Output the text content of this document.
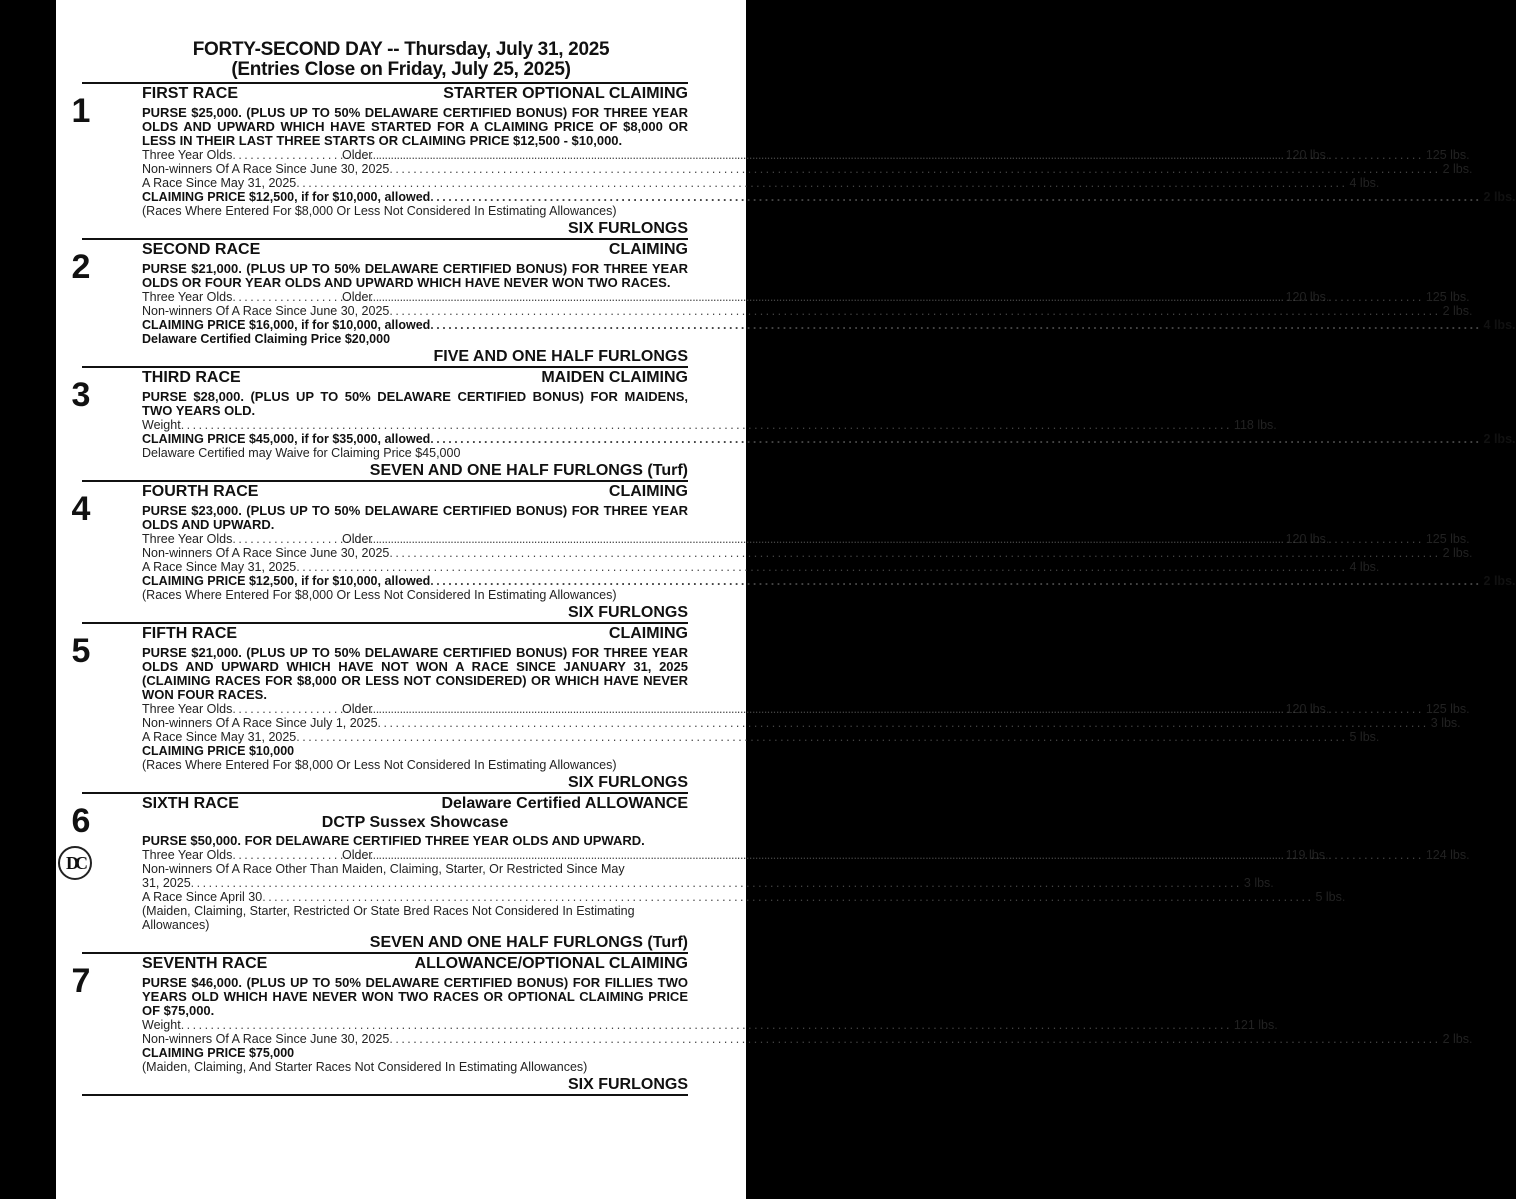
FORTY-SECOND DAY -- Thursday, July 31, 2025
(Entries Close on Friday, July 25, 2025)
1	FIRST RACE	STARTER OPTIONAL CLAIMING
PURSE $25,000. (PLUS UP TO 50% DELAWARE CERTIFIED BONUS) FOR THREE YEAR OLDS AND UPWARD WHICH HAVE STARTED FOR A CLAIMING PRICE OF $8,000 OR LESS IN THEIR LAST THREE STARTS OR CLAIMING PRICE $12,500 - $10,000.
Three Year Olds .....	120 lbs.
Older .....	125 lbs.
Non-winners Of A Race Since June 30, 2025 .....	2 lbs.
A Race Since May 31, 2025 .....	4 lbs.
CLAIMING PRICE $12,500, if for $10,000, allowed .....	2 lbs.
(Races Where Entered For $8,000 Or Less Not Considered In Estimating Allowances)
SIX FURLONGS
2	SECOND RACE	CLAIMING
PURSE $21,000. (PLUS UP TO 50% DELAWARE CERTIFIED BONUS) FOR THREE YEAR OLDS OR FOUR YEAR OLDS AND UPWARD WHICH HAVE NEVER WON TWO RACES.
Three Year Olds .....	120 lbs.
Older .....	125 lbs.
Non-winners Of A Race Since June 30, 2025 .....	2 lbs.
CLAIMING PRICE $16,000, if for $10,000, allowed .....	4 lbs.
Delaware Certified Claiming Price $20,000
FIVE AND ONE HALF FURLONGS
3	THIRD RACE	MAIDEN CLAIMING
PURSE $28,000. (PLUS UP TO 50% DELAWARE CERTIFIED BONUS) FOR MAIDENS, TWO YEARS OLD.
Weight .....	118 lbs.
CLAIMING PRICE $45,000, if for $35,000, allowed .....	2 lbs.
Delaware Certified may Waive for Claiming Price $45,000
SEVEN AND ONE HALF FURLONGS (Turf)
4	FOURTH RACE	CLAIMING
PURSE $23,000. (PLUS UP TO 50% DELAWARE CERTIFIED BONUS) FOR THREE YEAR OLDS AND UPWARD.
Three Year Olds .....	120 lbs.
Older .....	125 lbs.
Non-winners Of A Race Since June 30, 2025 .....	2 lbs.
A Race Since May 31, 2025 .....	4 lbs.
CLAIMING PRICE $12,500, if for $10,000, allowed .....	2 lbs.
(Races Where Entered For $8,000 Or Less Not Considered In Estimating Allowances)
SIX FURLONGS
5	FIFTH RACE	CLAIMING
PURSE $21,000. (PLUS UP TO 50% DELAWARE CERTIFIED BONUS) FOR THREE YEAR OLDS AND UPWARD WHICH HAVE NOT WON A RACE SINCE JANUARY 31, 2025 (CLAIMING RACES FOR $8,000 OR LESS NOT CONSIDERED) OR WHICH HAVE NEVER WON FOUR RACES.
Three Year Olds .....	120 lbs.
Older .....	125 lbs.
Non-winners Of A Race Since July 1, 2025 .....	3 lbs.
A Race Since May 31, 2025 .....	5 lbs.
CLAIMING PRICE $10,000
(Races Where Entered For $8,000 Or Less Not Considered In Estimating Allowances)
SIX FURLONGS
6
DC
SIXTH RACE	Delaware Certified ALLOWANCE
DCTP Sussex Showcase
PURSE $50,000. FOR DELAWARE CERTIFIED THREE YEAR OLDS AND UPWARD.
Three Year Olds .....	119 lbs.
Older .....	124 lbs.
Non-winners Of A Race Other Than Maiden, Claiming, Starter, Or Restricted Since May
31, 2025 .....	3 lbs.
A Race Since April 30 .....	5 lbs.
(Maiden, Claiming, Starter, Restricted Or State Bred Races Not Considered In Estimating Allowances)
SEVEN AND ONE HALF FURLONGS (Turf)
7	SEVENTH RACE	ALLOWANCE/OPTIONAL CLAIMING
PURSE $46,000. (PLUS UP TO 50% DELAWARE CERTIFIED BONUS) FOR FILLIES TWO YEARS OLD WHICH HAVE NEVER WON TWO RACES OR OPTIONAL CLAIMING PRICE OF $75,000.
Weight .....	121 lbs.
Non-winners Of A Race Since June 30, 2025 .....	2 lbs.
CLAIMING PRICE $75,000
(Maiden, Claiming, And Starter Races Not Considered In Estimating Allowances)
SIX FURLONGS
